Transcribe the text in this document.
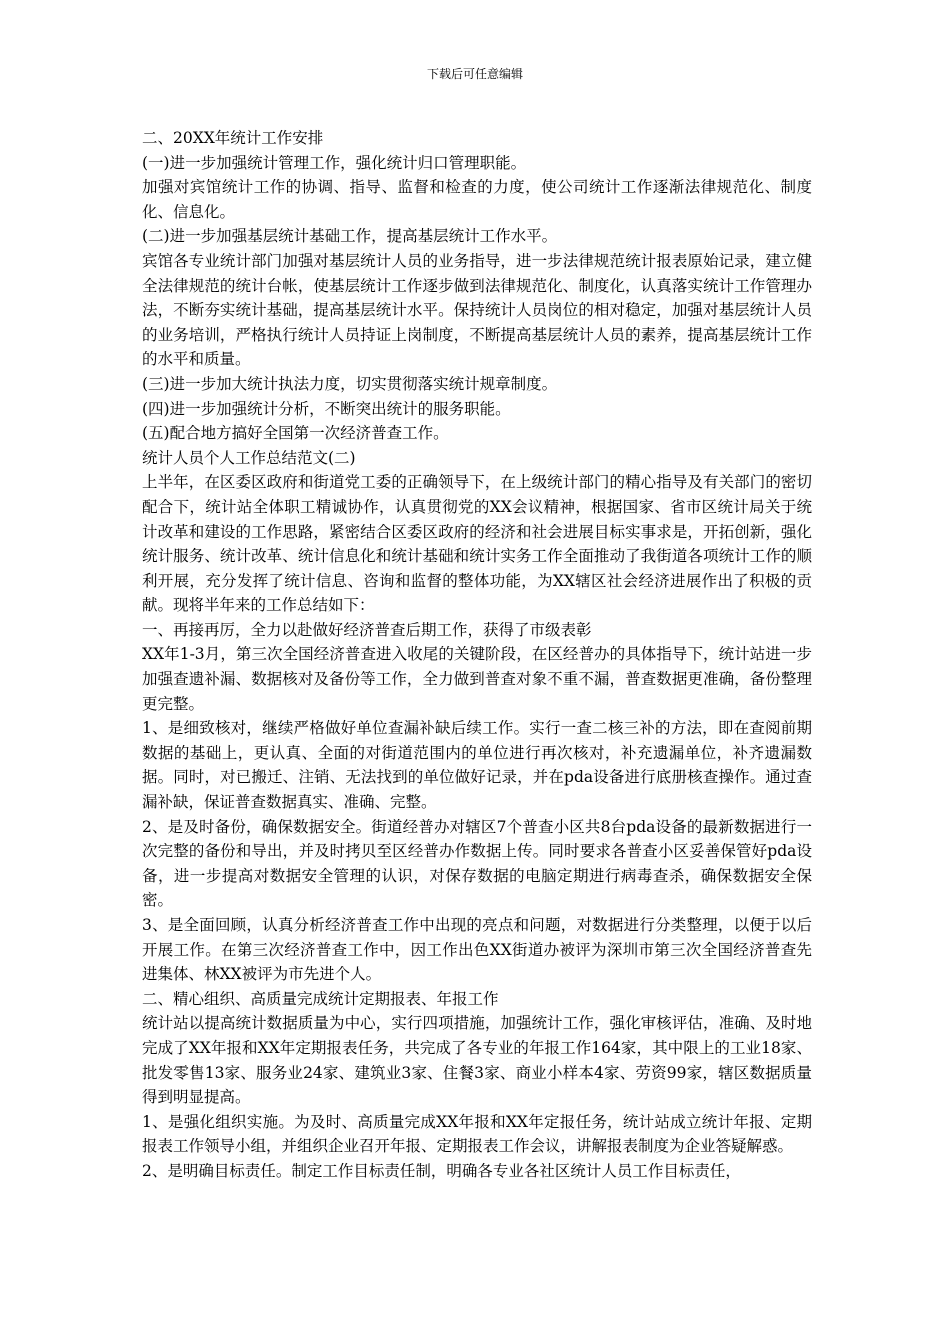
下载后可任意编辑

二、20XX年统计工作安排

(一)进一步加强统计管理工作，强化统计归口管理职能。

加强对宾馆统计工作的协调、指导、监督和检查的力度，使公司统计工作逐渐法律规范化、制度化、信息化。

(二)进一步加强基层统计基础工作，提高基层统计工作水平。

宾馆各专业统计部门加强对基层统计人员的业务指导，进一步法律规范统计报表原始记录，建立健全法律规范的统计台帐，使基层统计工作逐步做到法律规范化、制度化，认真落实统计工作管理办法，不断夯实统计基础，提高基层统计水平。保持统计人员岗位的相对稳定，加强对基层统计人员的业务培训，严格执行统计人员持证上岗制度，不断提高基层统计人员的素养，提高基层统计工作的水平和质量。

(三)进一步加大统计执法力度，切实贯彻落实统计规章制度。

(四)进一步加强统计分析，不断突出统计的服务职能。

(五)配合地方搞好全国第一次经济普查工作。

统计人员个人工作总结范文(二)

上半年，在区委区政府和街道党工委的正确领导下，在上级统计部门的精心指导及有关部门的密切配合下，统计站全体职工精诚协作，认真贯彻党的XX会议精神，根据国家、省市区统计局关于统计改革和建设的工作思路，紧密结合区委区政府的经济和社会进展目标实事求是，开拓创新，强化统计服务、统计改革、统计信息化和统计基础和统计实务工作全面推动了我街道各项统计工作的顺利开展，充分发挥了统计信息、咨询和监督的整体功能，为XX辖区社会经济进展作出了积极的贡献。现将半年来的工作总结如下：

一、再接再厉，全力以赴做好经济普查后期工作，获得了市级表彰

XX年1-3月，第三次全国经济普查进入收尾的关键阶段，在区经普办的具体指导下，统计站进一步加强查遗补漏、数据核对及备份等工作，全力做到普查对象不重不漏，普查数据更准确，备份整理更完整。

1、是细致核对，继续严格做好单位查漏补缺后续工作。实行一查二核三补的方法，即在查阅前期数据的基础上，更认真、全面的对街道范围内的单位进行再次核对，补充遗漏单位，补齐遗漏数据。同时，对已搬迁、注销、无法找到的单位做好记录，并在pda设备进行底册核查操作。通过查漏补缺，保证普查数据真实、准确、完整。

2、是及时备份，确保数据安全。街道经普办对辖区7个普查小区共8台pda设备的最新数据进行一次完整的备份和导出，并及时拷贝至区经普办作数据上传。同时要求各普查小区妥善保管好pda设备，进一步提高对数据安全管理的认识，对保存数据的电脑定期进行病毒查杀，确保数据安全保密。

3、是全面回顾，认真分析经济普查工作中出现的亮点和问题，对数据进行分类整理，以便于以后开展工作。在第三次经济普查工作中，因工作出色XX街道办被评为深圳市第三次全国经济普查先进集体、林XX被评为市先进个人。

二、精心组织、高质量完成统计定期报表、年报工作

统计站以提高统计数据质量为中心，实行四项措施，加强统计工作，强化审核评估，准确、及时地完成了XX年报和XX年定期报表任务，共完成了各专业的年报工作164家，其中限上的工业18家、批发零售13家、服务业24家、建筑业3家、住餐3家、商业小样本4家、劳资99家，辖区数据质量得到明显提高。

1、是强化组织实施。为及时、高质量完成XX年报和XX年定报任务，统计站成立统计年报、定期报表工作领导小组，并组织企业召开年报、定期报表工作会议，讲解报表制度为企业答疑解惑。

2、是明确目标责任。制定工作目标责任制，明确各专业各社区统计人员工作目标责任，
